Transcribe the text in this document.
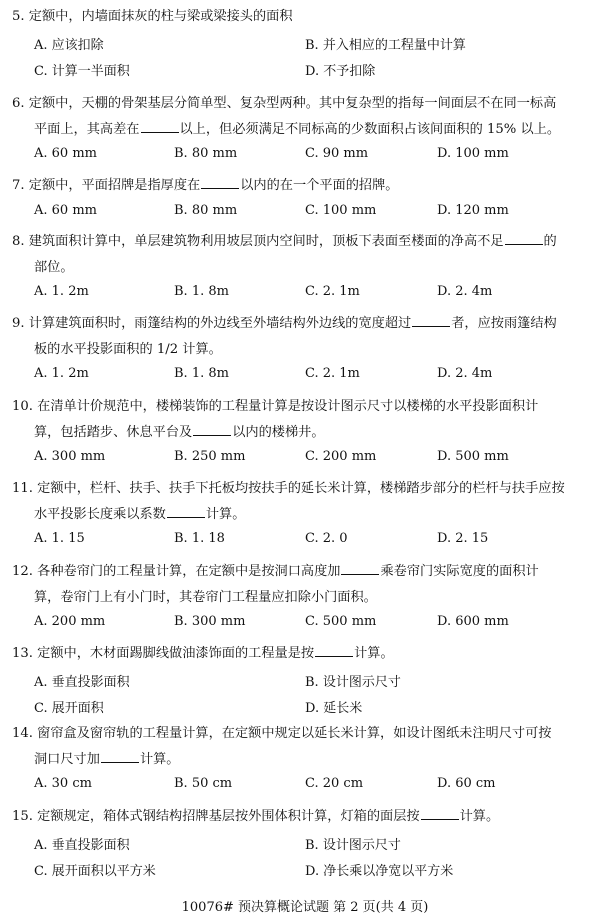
5. 定额中，内墙面抹灰的柱与梁或梁接头的面积
A. 应该扣除	B. 并入相应的工程量中计算
C. 计算一半面积	D. 不予扣除
6. 定额中，天棚的骨架基层分简单型、复杂型两种。其中复杂型的指每一间面层不在同一标高
平面上，其高差在	以上，但必须满足不同标高的少数面积占该间面积的 15% 以上。
A. 60 mm	B. 80 mm	C. 90 mm	D. 100 mm
7. 定额中，平面招牌是指厚度在	以内的在一个平面的招牌。
A. 60 mm	B. 80 mm	C. 100 mm	D. 120 mm
8. 建筑面积计算中，单层建筑物利用坡层顶内空间时，顶板下表面至楼面的净高不足	的
部位。
A. 1. 2m	B. 1. 8m	C. 2. 1m	D. 2. 4m
9. 计算建筑面积时，雨篷结构的外边线至外墙结构外边线的宽度超过	者，应按雨篷结构
板的水平投影面积的 1/2 计算。
A. 1. 2m	B. 1. 8m	C. 2. 1m	D. 2. 4m
10. 在清单计价规范中，楼梯装饰的工程量计算是按设计图示尺寸以楼梯的水平投影面积计
算，包括踏步、休息平台及	以内的楼梯井。
A. 300 mm	B. 250 mm	C. 200 mm	D. 500 mm
11. 定额中，栏杆、扶手、扶手下托板均按扶手的延长米计算，楼梯踏步部分的栏杆与扶手应按
水平投影长度乘以系数	计算。
A. 1. 15	B. 1. 18	C. 2. 0	D. 2. 15
12. 各种卷帘门的工程量计算，在定额中是按洞口高度加	乘卷帘门实际宽度的面积计
算，卷帘门上有小门时，其卷帘门工程量应扣除小门面积。
A. 200 mm	B. 300 mm	C. 500 mm	D. 600 mm
13. 定额中，木材面踢脚线做油漆饰面的工程量是按	计算。
A. 垂直投影面积	B. 设计图示尺寸
C. 展开面积	D. 延长米
14. 窗帘盒及窗帘轨的工程量计算，在定额中规定以延长米计算，如设计图纸未注明尺寸可按
洞口尺寸加	计算。
A. 30 cm	B. 50 cm	C. 20 cm	D. 60 cm
15. 定额规定，箱体式钢结构招牌基层按外围体积计算，灯箱的面层按	计算。
A. 垂直投影面积	B. 设计图示尺寸
C. 展开面积以平方米	D. 净长乘以净宽以平方米
10076# 预决算概论试题 第 2 页(共 4 页)
